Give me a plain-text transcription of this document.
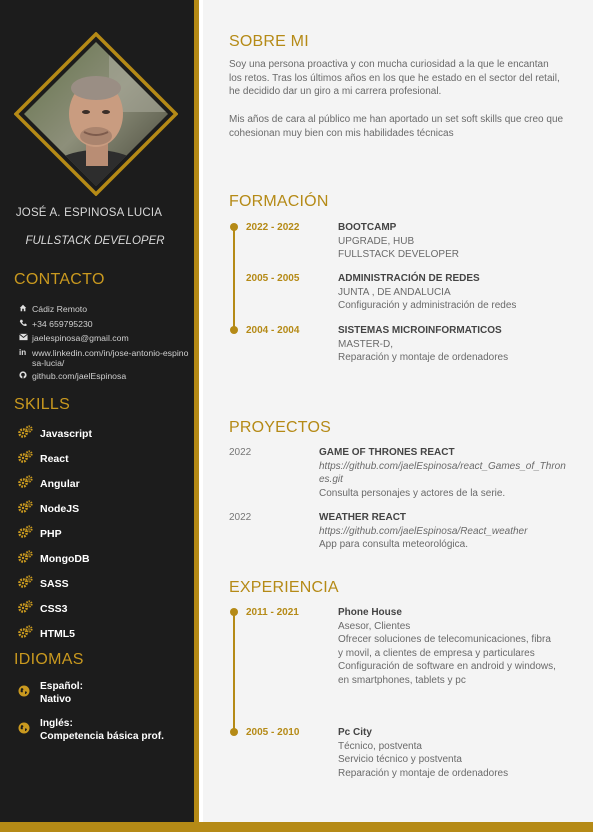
JOSÉ A. ESPINOSA LUCIA
FULLSTACK DEVELOPER
CONTACTO
Cádiz Remoto
+34 659795230
jaelespinosa@gmail.com
in www.linkedin.com/in/jose-antonio-espinosa-lucia/
github.com/jaelEspinosa
SKILLS
Javascript
React
Angular
NodeJS
PHP
MongoDB
SASS
CSS3
HTML5
IDIOMAS
Español:
Nativo
Inglés:
Competencia básica prof.
SOBRE MI

Soy una persona proactiva y con mucha curiosidad a la que le encantan los retos. Tras los últimos años en los que he estado en el sector del retail, he decidido dar un giro a mi carrera profesional.

Mis años de cara al público me han aportado un set soft skills que creo que cohesionan muy bien con mis habilidades técnicas

FORMACIÓN
2022 - 2022	BOOTCAMP
UPGRADE, HUB
FULLSTACK DEVELOPER
2005 - 2005	ADMINISTRACIÓN DE REDES
JUNTA , DE ANDALUCIA
Configuración y administración de redes
2004 - 2004	SISTEMAS MICROINFORMATICOS
MASTER-D,
Reparación y montaje de ordenadores
PROYECTOS
2022	GAME OF THRONES REACT
https://github.com/jaelEspinosa/react_Games_of_Thrones.git
Consulta personajes y actores de la serie.
2022	WEATHER REACT
https://github.com/jaelEspinosa/React_weather
App para consulta meteorológica.
EXPERIENCIA
2011 - 2021	Phone House
Asesor, Clientes
Ofrecer soluciones de telecomunicaciones, fibra y movil, a clientes de empresa y particulares
Configuración de software en android y windows, en smartphones, tablets y pc
2005 - 2010	Pc City
Técnico, postventa
Servicio técnico y postventa
Reparación y montaje de ordenadores
